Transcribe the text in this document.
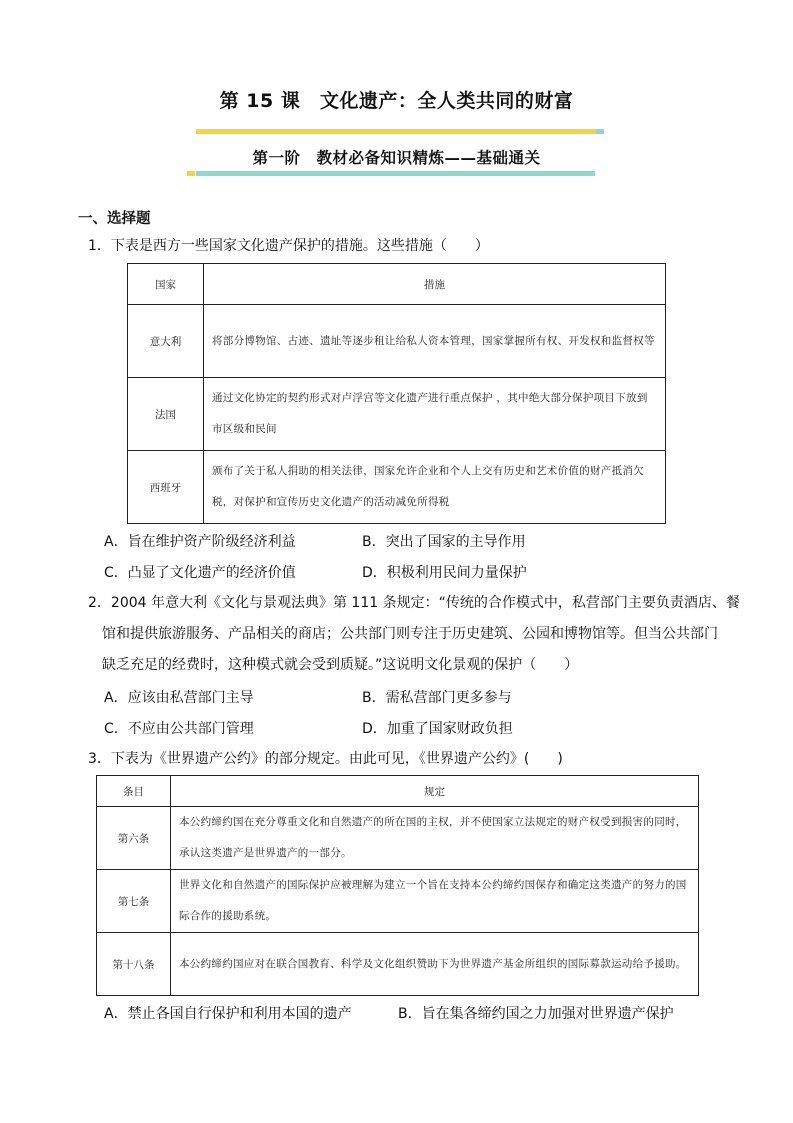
第 15 课　文化遗产：全人类共同的财富
第一阶　教材必备知识精炼——基础通关
一、选择题
1．下表是西方一些国家文化遗产保护的措施。这些措施（　　）
国家	措施
意大利	将部分博物馆、古迹、遗址等逐步租让给私人资本管理，国家掌握所有权、开发权和监督权等
法国	通过文化协定的契约形式对卢浮宫等文化遗产进行重点保护 ，其中绝大部分保护项目下放到市区级和民间
西班牙	颁布了关于私人捐助的相关法律，国家允许企业和个人上交有历史和艺术价值的财产抵消欠税，对保护和宣传历史文化遗产的活动减免所得税
A．旨在维护资产阶级经济利益	B．突出了国家的主导作用
C．凸显了文化遗产的经济价值	D．积极利用民间力量保护
2．2004 年意大利《文化与景观法典》第 111 条规定：“传统的合作模式中，私营部门主要负责酒店、餐
馆和提供旅游服务、产品相关的商店；公共部门则专注于历史建筑、公园和博物馆等。但当公共部门
缺乏充足的经费时，这种模式就会受到质疑。”这说明文化景观的保护（　　）
A．应该由私营部门主导	B．需私营部门更多参与
C．不应由公共部门管理	D．加重了国家财政负担
3．下表为《世界遗产公约》的部分规定。由此可见，《世界遗产公约》(　　)
条目	规定
第六条	本公约缔约国在充分尊重文化和自然遗产的所在国的主权，并不使国家立法规定的财产权受到损害的同时，承认这类遗产是世界遗产的一部分。
第七条	世界文化和自然遗产的国际保护应被理解为建立一个旨在支持本公约缔约国保存和确定这类遗产的努力的国际合作的援助系统。
第十八条	本公约缔约国应对在联合国教育、科学及文化组织赞助下为世界遗产基金所组织的国际募款运动给予援助。
A．禁止各国自行保护和利用本国的遗产	B．旨在集各缔约国之力加强对世界遗产保护
